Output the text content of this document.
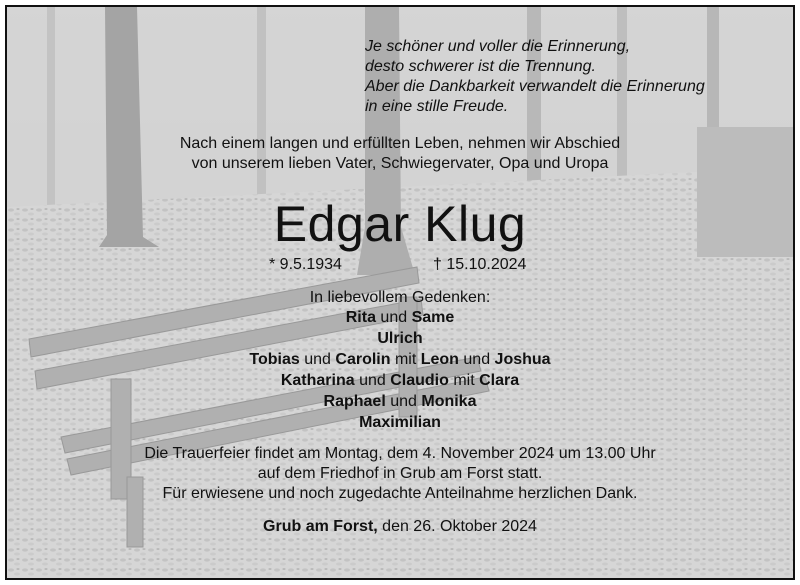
Je schöner und voller die Erinnerung,
desto schwerer ist die Trennung.
Aber die Dankbarkeit verwandelt die Erinnerung
in eine stille Freude.
Nach einem langen und erfüllten Leben, nehmen wir Abschied
von unserem lieben Vater, Schwiegervater, Opa und Uropa
Edgar Klug
* 9.5.1934	† 15.10.2024
In liebevollem Gedenken:
Rita und Same
Ulrich
Tobias und Carolin mit Leon und Joshua
Katharina und Claudio mit Clara
Raphael und Monika
Maximilian
Die Trauerfeier findet am Montag, dem 4. November 2024 um 13.00 Uhr
auf dem Friedhof in Grub am Forst statt.
Für erwiesene und noch zugedachte Anteilnahme herzlichen Dank.
Grub am Forst, den 26. Oktober 2024
